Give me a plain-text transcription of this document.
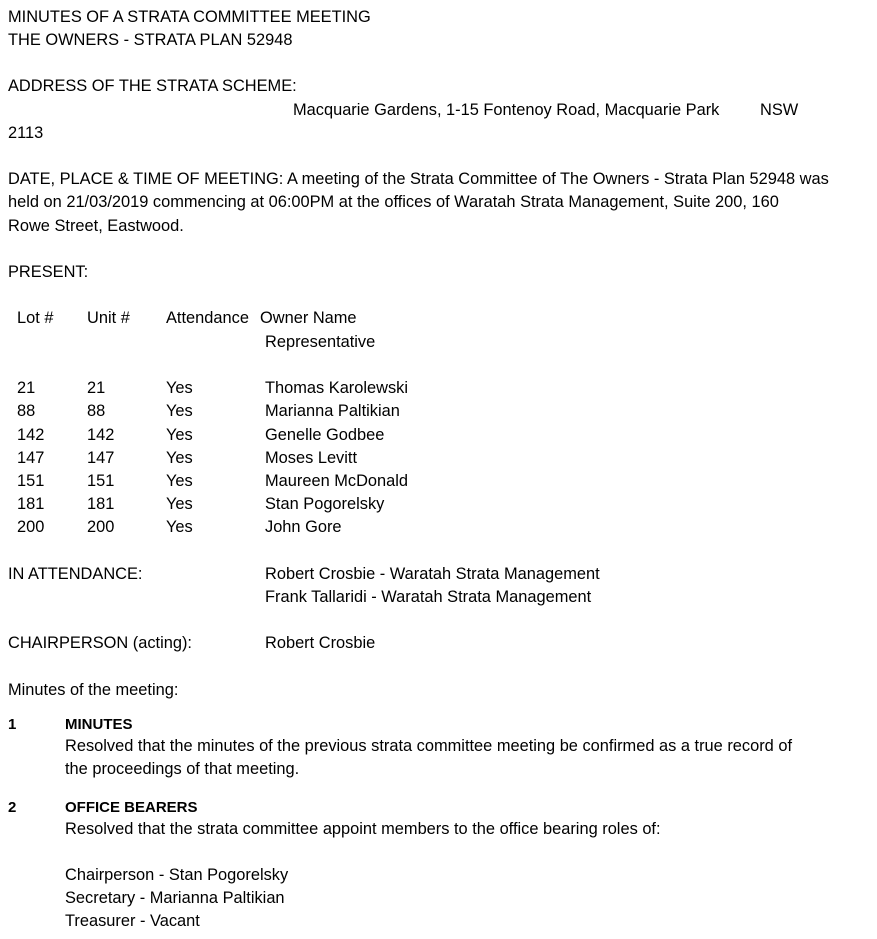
MINUTES OF A STRATA COMMITTEE MEETING
THE OWNERS - STRATA PLAN 52948
ADDRESS OF THE STRATA SCHEME:
Macquarie Gardens, 1-15 Fontenoy Road, Macquarie Park NSW
2113
DATE, PLACE & TIME OF MEETING: A meeting of the Strata Committee of The Owners - Strata Plan 52948 was
held on 21/03/2019 commencing at 06:00PM at the offices of Waratah Strata Management, Suite 200, 160
Rowe Street, Eastwood.
PRESENT:
Lot # Unit # Attendance Owner Name
Representative
21	21	Yes	Thomas Karolewski
88	88	Yes	Marianna Paltikian
142	142	Yes	Genelle Godbee
147	147	Yes	Moses Levitt
151	151	Yes	Maureen McDonald
181	181	Yes	Stan Pogorelsky
200	200	Yes	John Gore
IN ATTENDANCE:	Robert Crosbie - Waratah Strata Management
Frank Tallaridi - Waratah Strata Management
CHAIRPERSON (acting):	Robert Crosbie
Minutes of the meeting:
1	MINUTES
Resolved that the minutes of the previous strata committee meeting be confirmed as a true record of
the proceedings of that meeting.
2	OFFICE BEARERS
Resolved that the strata committee appoint members to the office bearing roles of:
Chairperson - Stan Pogorelsky
Secretary - Marianna Paltikian
Treasurer - Vacant
